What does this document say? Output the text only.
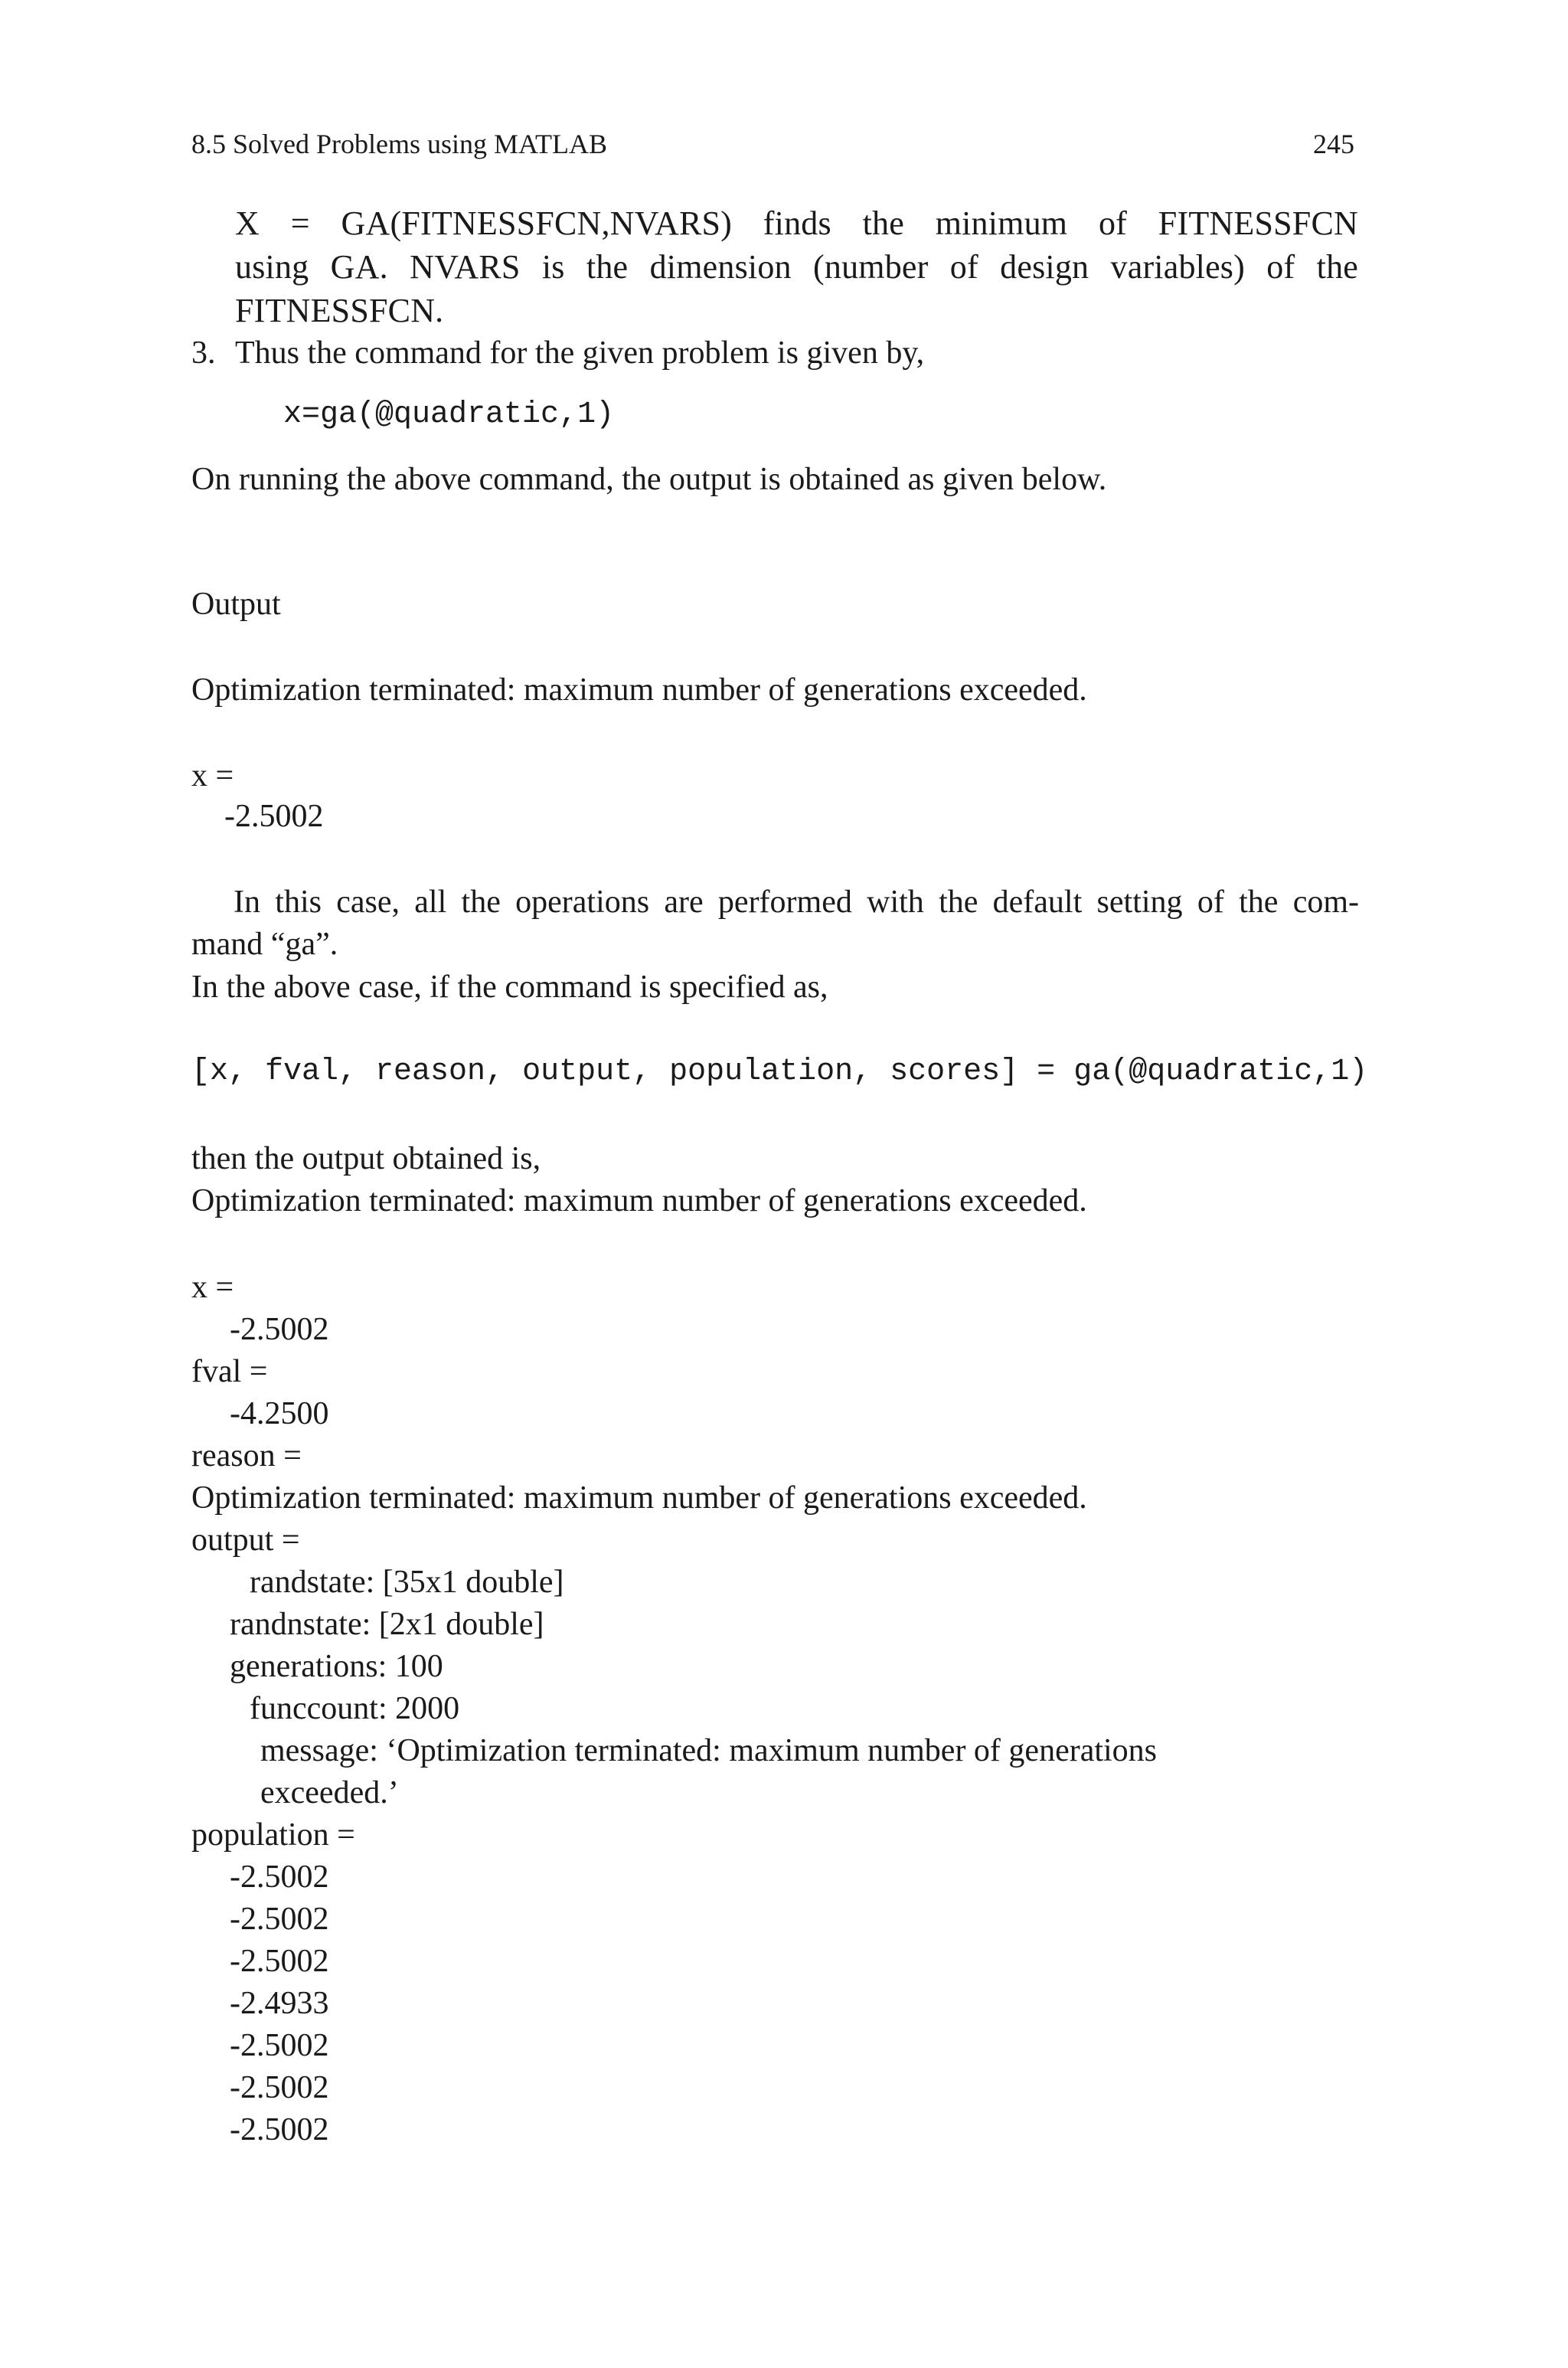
8.5 Solved Problems using MATLAB	245
X = GA(FITNESSFCN,NVARS) finds the minimum of FITNESSFCN
using GA. NVARS is the dimension (number of design variables) of the
FITNESSFCN.
3. Thus the command for the given problem is given by,
x=ga(@quadratic,1)
On running the above command, the output is obtained as given below.
Output
Optimization terminated: maximum number of generations exceeded.
x =
-2.5002
In this case, all the operations are performed with the default setting of the com-
mand “ga”.
In the above case, if the command is specified as,
[x, fval, reason, output, population, scores] = ga(@quadratic,1)
then the output obtained is,
Optimization terminated: maximum number of generations exceeded.
x =
-2.5002
fval =
-4.2500
reason =
Optimization terminated: maximum number of generations exceeded.
output =
randstate: [35x1 double]
randnstate: [2x1 double]
generations: 100
funccount: 2000
message: ‘Optimization terminated: maximum number of generations
exceeded.’
population =
-2.5002
-2.5002
-2.5002
-2.4933
-2.5002
-2.5002
-2.5002
